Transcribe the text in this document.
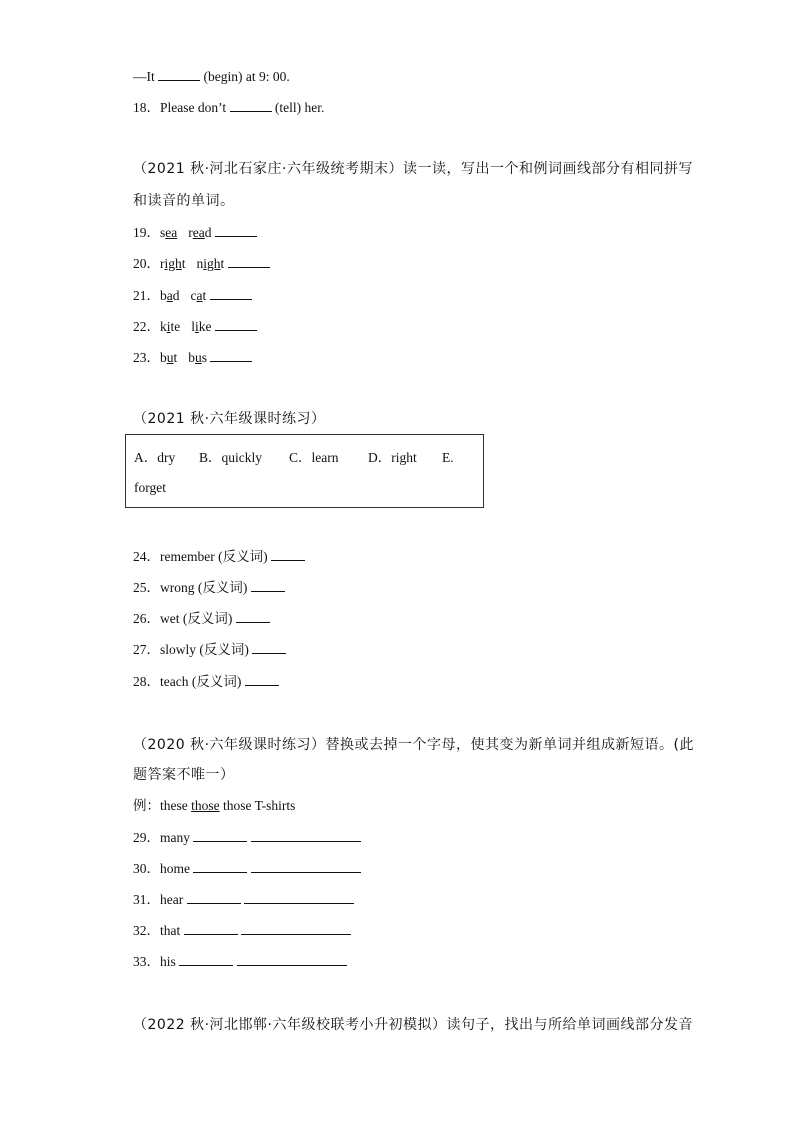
—It	(begin) at 9: 00.
18．Please don’t	(tell) her.
（2021 秋·河北石家庄·六年级统考期末）读一读，写出一个和例词画线部分有相同拼写
和读音的单词。
19．sea read
20．right night
21．bad cat
22．kite like
23．but bus
（2021 秋·六年级课时练习）
A．dry B．quickly C．learn D．right E.
forget
24．remember (反义词)
25．wrong (反义词)
26．wet (反义词)
27．slowly (反义词)
28．teach (反义词)
（2020 秋·六年级课时练习）替换或去掉一个字母，使其变为新单词并组成新短语。(此
题答案不唯一）
例：these those those T-shirts
29．many
30．home
31．hear
32．that
33．his
（2022 秋·河北邯郸·六年级校联考小升初模拟）读句子，找出与所给单词画线部分发音
